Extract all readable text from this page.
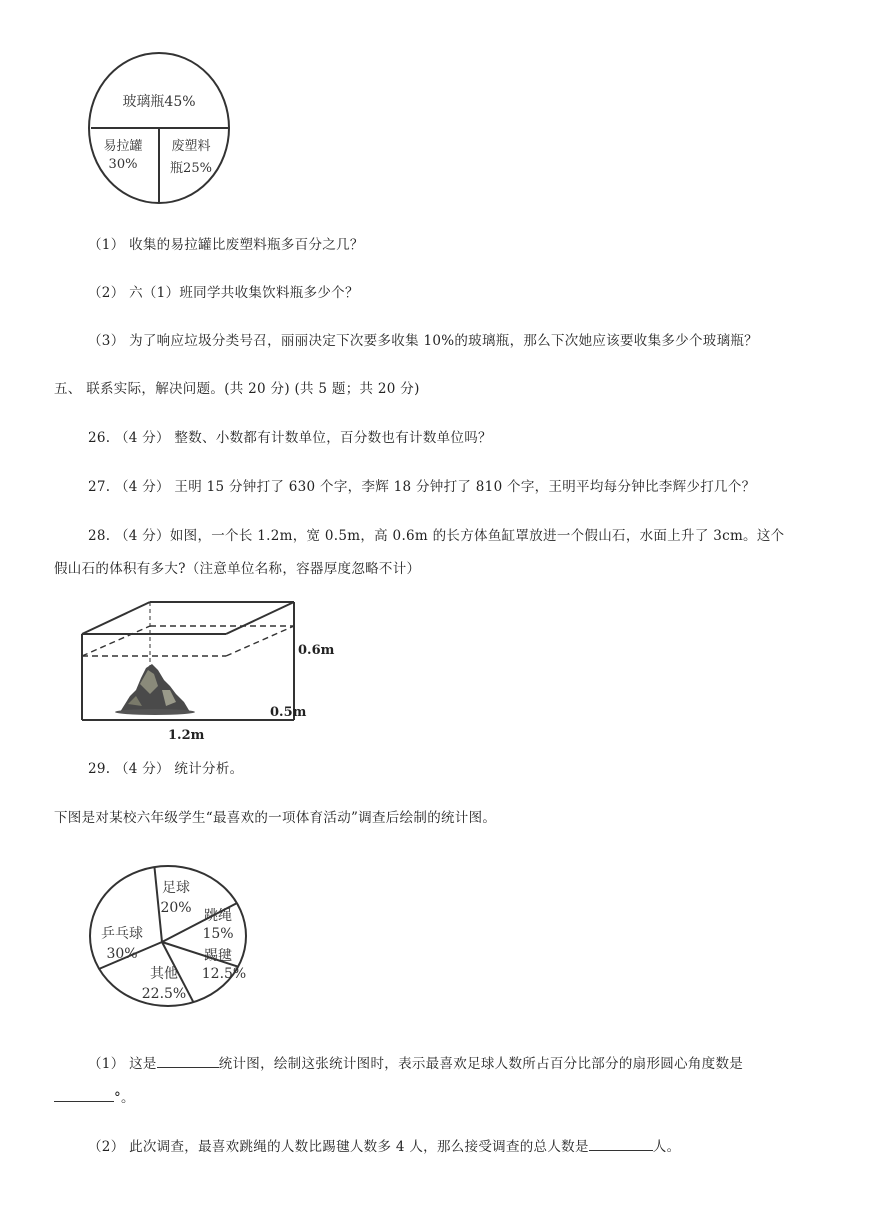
玻璃瓶45%
易拉罐
30%
废塑料
瓶25%
（1） 收集的易拉罐比废塑料瓶多百分之几？
（2） 六（1）班同学共收集饮料瓶多少个？
（3） 为了响应垃圾分类号召，丽丽决定下次要多收集 10%的玻璃瓶，那么下次她应该要收集多少个玻璃瓶？
五、 联系实际，解决问题。(共 20 分) (共 5 题；共 20 分)
26. （4 分） 整数、小数都有计数单位，百分数也有计数单位吗？
27. （4 分） 王明 15 分钟打了 630 个字，李辉 18 分钟打了 810 个字，王明平均每分钟比李辉少打几个？
28. （4 分）如图，一个长 1.2m，宽 0.5m，高 0.6m 的长方体鱼缸罩放进一个假山石，水面上升了 3cm。这个
假山石的体积有多大?（注意单位名称，容器厚度忽略不计）
0.6m
0.5m
1.2m
29. （4 分） 统计分析。
下图是对某校六年级学生“最喜欢的一项体育活动”调查后绘制的统计图。
足球
20% 跳绳
15%
踢毽
12.5%
其他
22.5%
乒乓球
30%
（1） 这是	统计图，绘制这张统计图时，表示最喜欢足球人数所占百分比部分的扇形圆心角度数是
°。
（2） 此次调查，最喜欢跳绳的人数比踢毽人数多 4 人，那么接受调查的总人数是	人。
